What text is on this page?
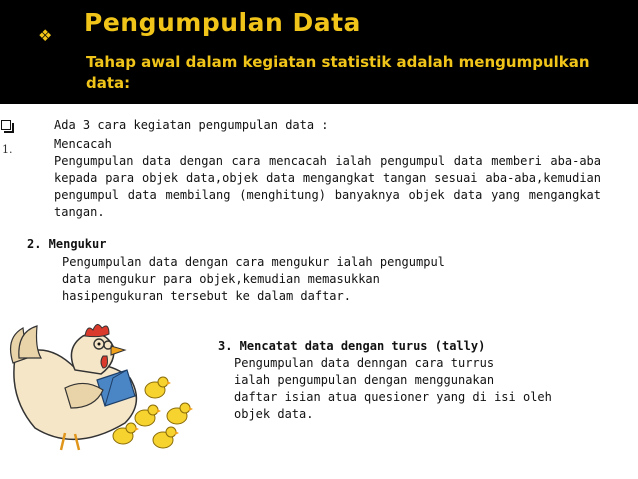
❖ Pengumpulan Data
Tahap awal dalam kegiatan statistik adalah mengumpulkan data:
Ada 3 cara kegiatan pengumpulan data :
1.	Mencacah
Pengumpulan data dengan cara mencacah ialah pengumpul data memberi aba-aba kepada para objek data,objek data mengangkat tangan sesuai aba-aba,kemudian pengumpul data membilang (menghitung) banyaknya objek data yang mengangkat tangan.
2. Mengukur
Pengumpulan data dengan cara mengukur ialah pengumpul
data mengukur para objek,kemudian memasukkan
hasipengukuran tersebut ke dalam daftar.
3. Mencatat data dengan turus (tally)
Pengumpulan data denngan cara turrus
ialah pengumpulan dengan menggunakan
daftar isian atua quesioner yang di isi oleh
objek data.
